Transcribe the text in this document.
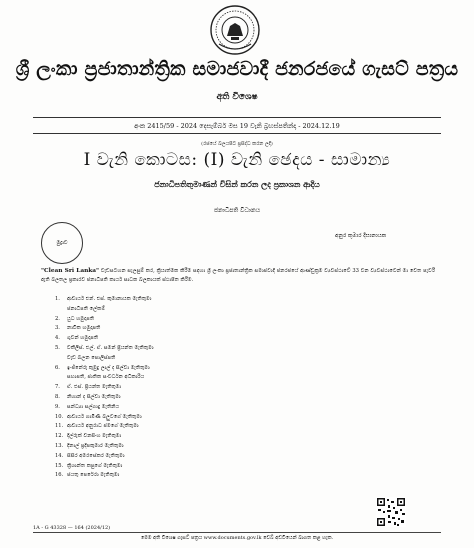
ශ්‍රී ලංකා ප්‍රජාතාන්ත්‍රික සමාජවාදී ජනරජයේ ගැසට් පත්‍රය
අති විශෙෂ
අංක 2415/59 - 2024 දෙසැම්බර් මස 19 වැනි බ්‍රහස්පතින්දා - 2024.12.19
(රජයේ බලයපිට ප්‍රසිද්ධ කරන ලදී)
I වැනි කොටස: (I) වැනි ඡෙදය - සාමාන්‍ය
ජනාධිපතිතුමාණන් විසින් කරන ලද ප්‍රකාශන ආදිය
ජනාධිපති විධානය
මුද්‍රාව
අනුර කුමාර දිසානායක
"Clean Sri Lanka" වැඩසටහන සැලසුම් කර, ක්‍රියාත්මක කිරීම සඳහා ශ්‍රී ලංකා ප්‍රජාතාන්ත්‍රික සමාජවාදී ජනරජයේ ආණ්ඩුක්‍රම ව්‍යවස්ථාවේ 33 වන ව්‍යවස්ථාවෙන් මා වෙත පැවරී ඇති බලතල ප්‍රකාරව ජනාධිපති කාර්ය සාධක බලකායක් ස්ථාපිත කිරීම.
1. ආචාර්ය එන්. එස්. කුමානායක මැතිතුමා
ජනාධිපති ලේකම්
2. යුධ හමුදාපති
3. නාවික හමුදාපති
4. ගුවන් හමුදාපති
5. වකීලීස්. එල්. ඒ. සමන් ප්‍රියන්ත මැතිතුමා
වැඩ බලන පොලිස්පති
6. ඉංජිනේරු කුමුදු ලාල් ද සිල්වා මැතිතුමා
සභාපති, ජාතික සංවර්ධන අධිකාරිය
7. ඒ. එස්. ප්‍රියන්ත මැතිතුමා
8. නිහාන් ද සිල්වා මැතිතුමා
9. සන්ධ්‍යා සල්ගාදු මැතිනිය
10. ආචාර්ය ගාමිණී බලුවගේ මැතිතුමා
11. ආචාර්ය අනුරාධ ජමගේ මැතිතුමා
12. දිල්රුක් වනසිංහ මැතිතුමා
13. දිනාල් ප්‍රදීපකුමාර මැතිතුමා
14. සිසිර අමරසේකර මැතිතුමා
15. ක්‍රිශාන්ත කපුගේ මැතිතුමා
16. ජයතු පෙරේරා මැතිතුමා
1A - G 43328 — 164 (2024/12)
මෙම අති විශෙෂ ගැසට් පත්‍රය www.documents.gov.lk වෙබ් අඩවියෙන් බාගත කළ හැක.
